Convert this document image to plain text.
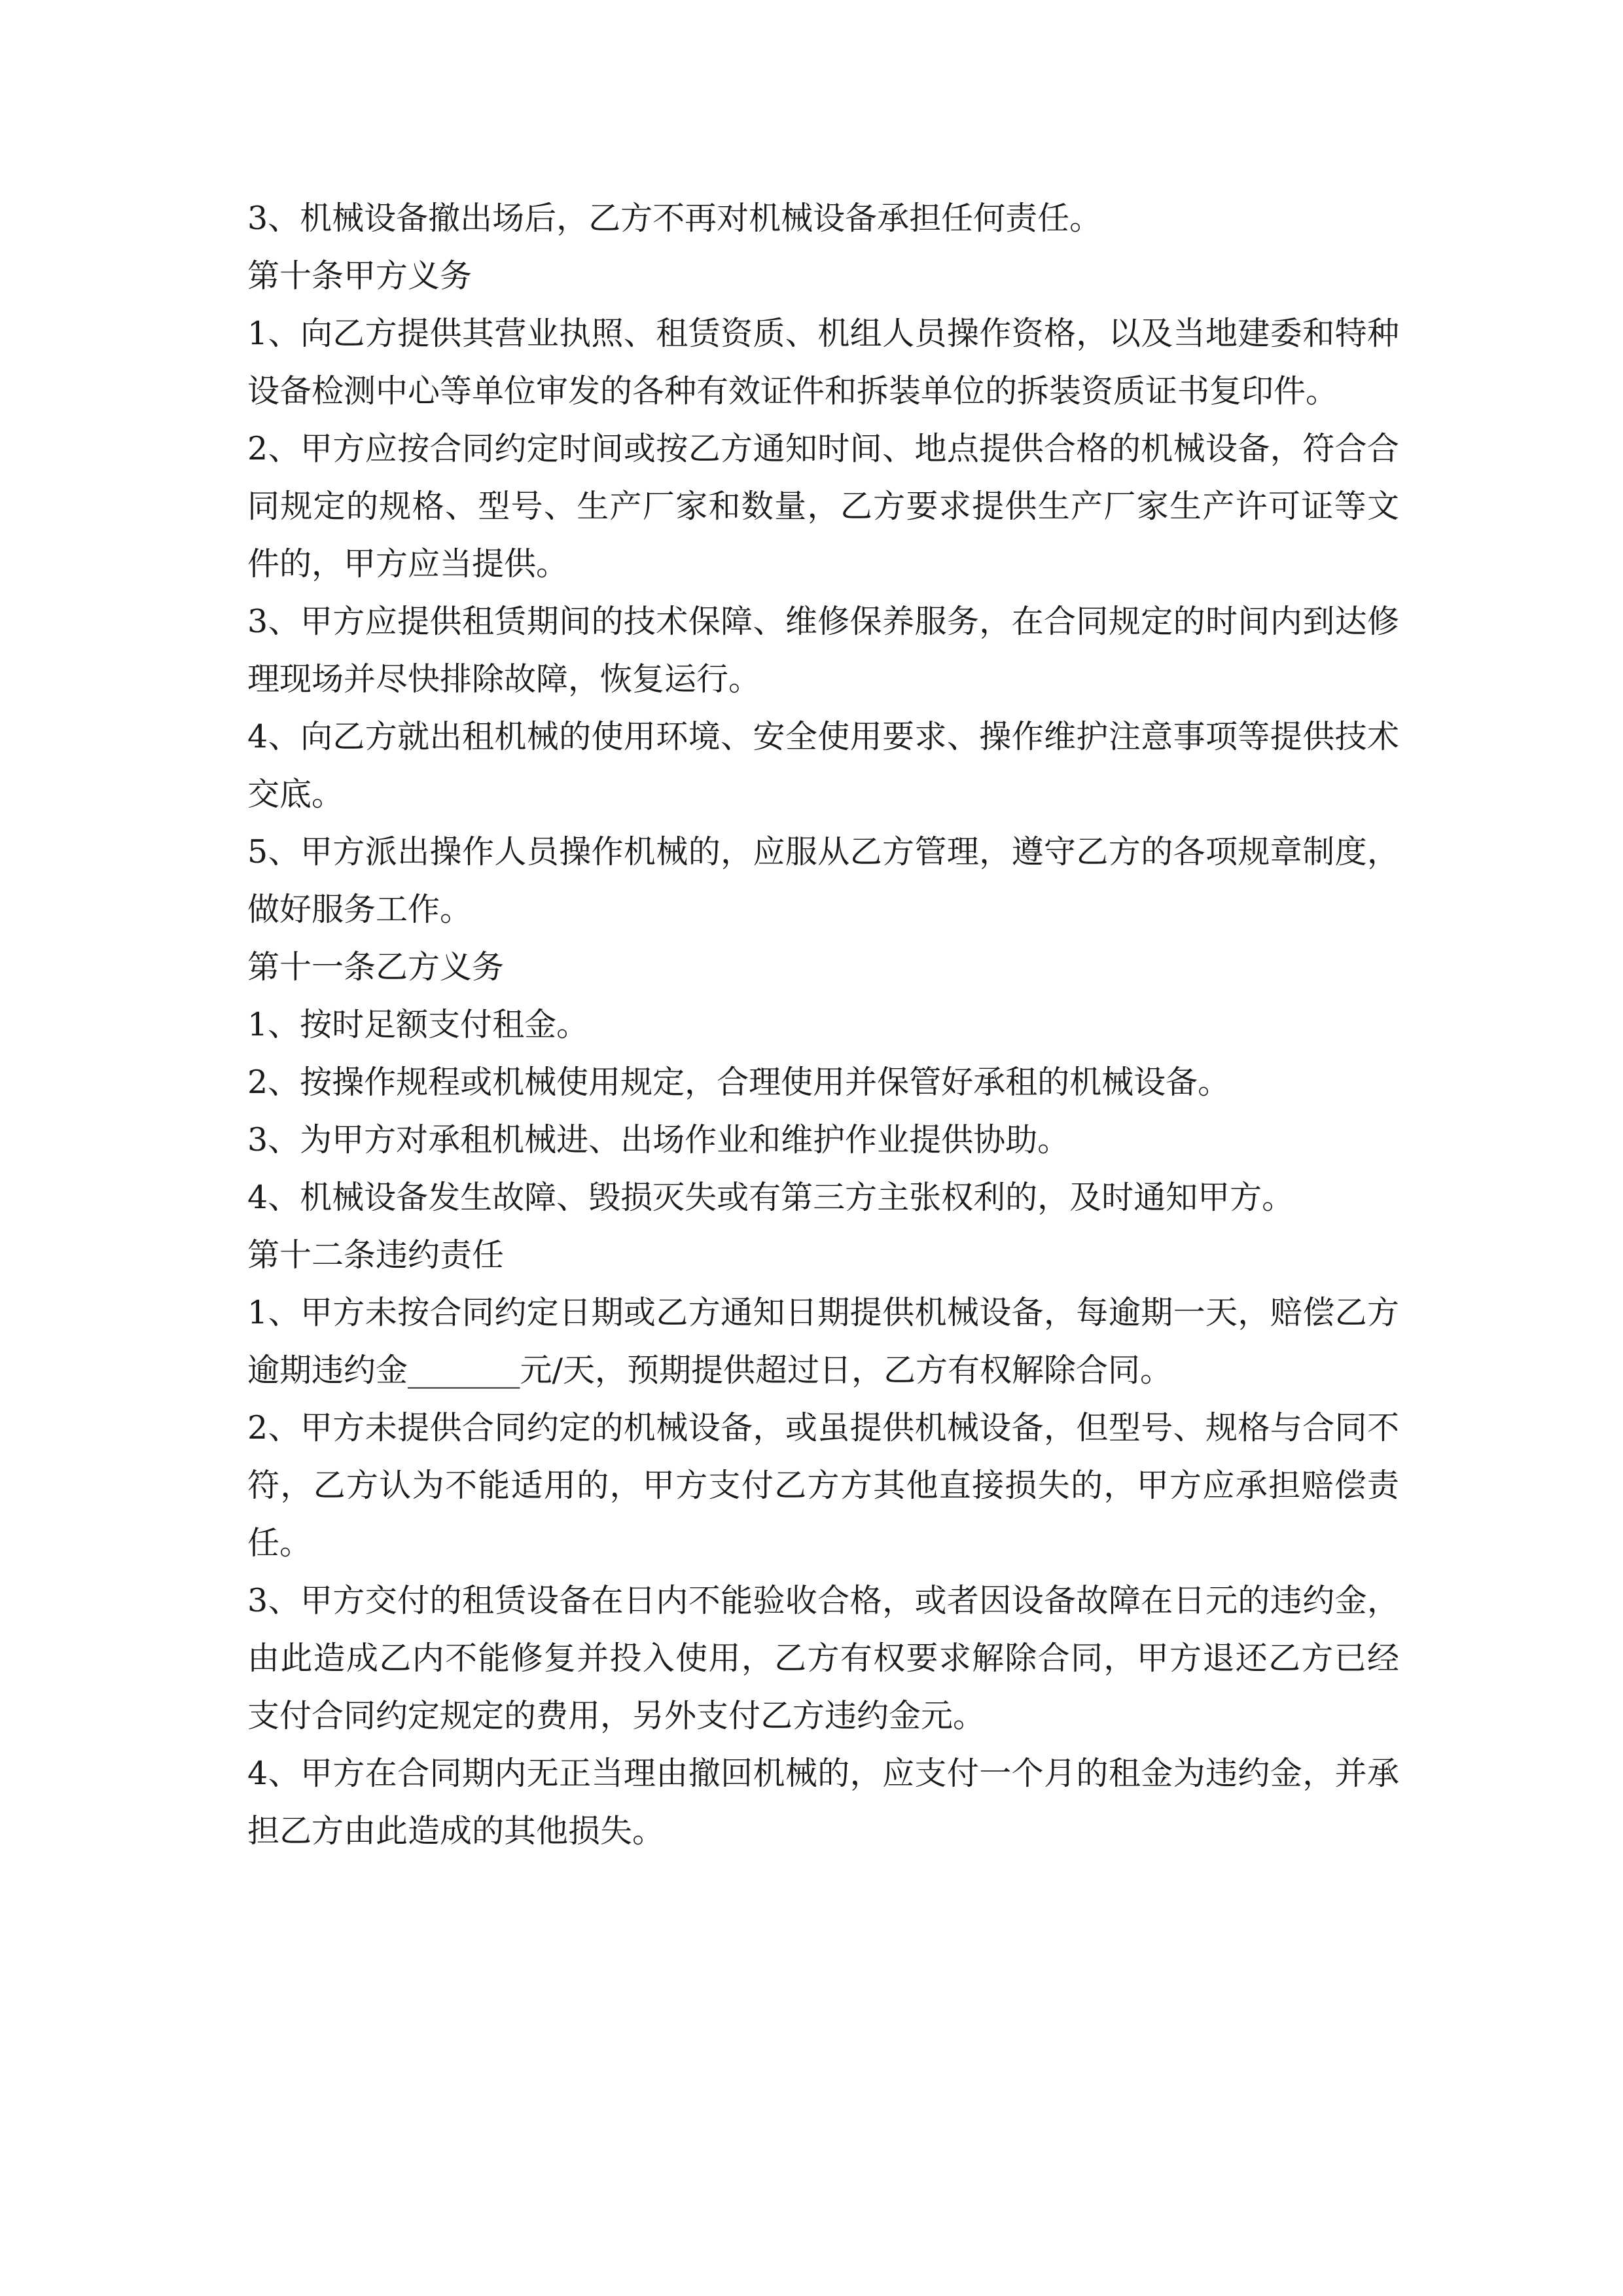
3、机械设备撤出场后，乙方不再对机械设备承担任何责任。

第十条甲方义务

1、向乙方提供其营业执照、租赁资质、机组人员操作资格，以及当地建委和特种设备检测中心等单位审发的各种有效证件和拆装单位的拆装资质证书复印件。

2、甲方应按合同约定时间或按乙方通知时间、地点提供合格的机械设备，符合合同规定的规格、型号、生产厂家和数量，乙方要求提供生产厂家生产许可证等文件的，甲方应当提供。

3、甲方应提供租赁期间的技术保障、维修保养服务，在合同规定的时间内到达修理现场并尽快排除故障，恢复运行。

4、向乙方就出租机械的使用环境、安全使用要求、操作维护注意事项等提供技术交底。

5、甲方派出操作人员操作机械的，应服从乙方管理，遵守乙方的各项规章制度，做好服务工作。

第十一条乙方义务

1、按时足额支付租金。

2、按操作规程或机械使用规定，合理使用并保管好承租的机械设备。

3、为甲方对承租机械进、出场作业和维护作业提供协助。

4、机械设备发生故障、毁损灭失或有第三方主张权利的，及时通知甲方。

第十二条违约责任

1、甲方未按合同约定日期或乙方通知日期提供机械设备，每逾期一天，赔偿乙方逾期违约金_______元/天，预期提供超过日，乙方有权解除合同。

2、甲方未提供合同约定的机械设备，或虽提供机械设备，但型号、规格与合同不符，乙方认为不能适用的，甲方支付乙方方其他直接损失的，甲方应承担赔偿责任。

3、甲方交付的租赁设备在日内不能验收合格，或者因设备故障在日元的违约金，由此造成乙内不能修复并投入使用，乙方有权要求解除合同，甲方退还乙方已经支付合同约定规定的费用，另外支付乙方违约金元。

4、甲方在合同期内无正当理由撤回机械的，应支付一个月的租金为违约金，并承担乙方由此造成的其他损失。
